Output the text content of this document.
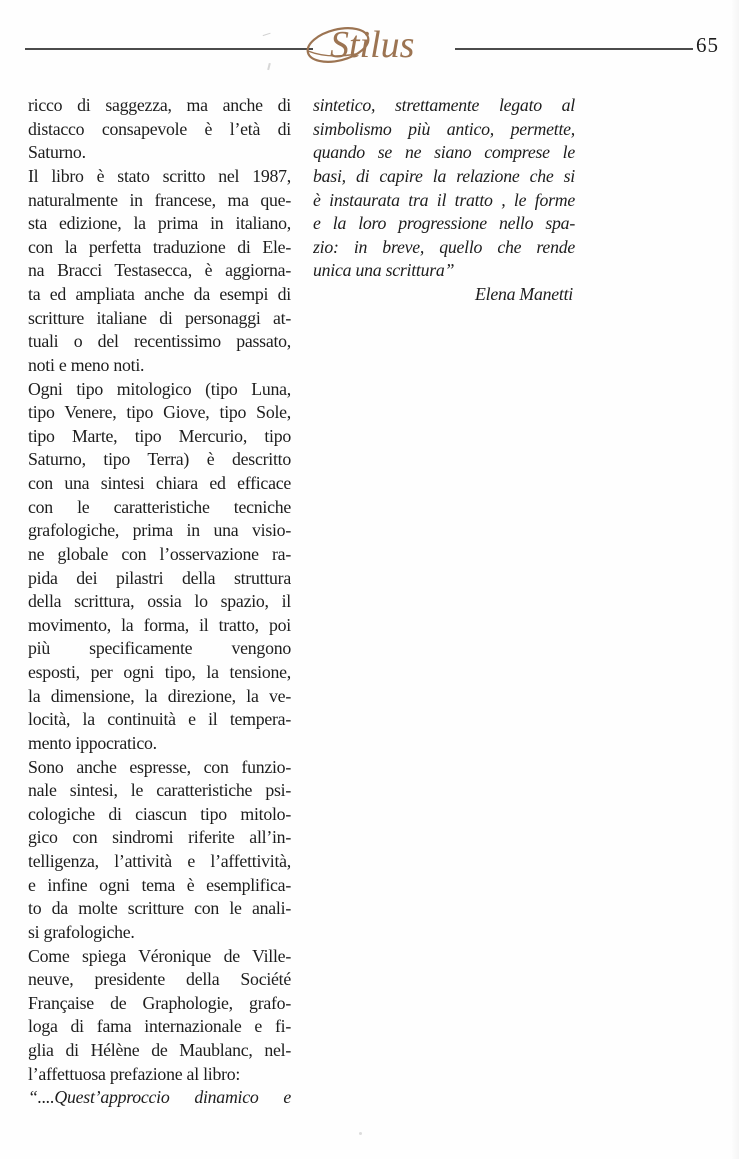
Stilus	65
ricco di saggezza, ma anche di
distacco consapevole è l’età di
Saturno.
Il libro è stato scritto nel 1987,
naturalmente in francese, ma que-
sta edizione, la prima in italiano,
con la perfetta traduzione di Ele-
na Bracci Testasecca, è aggiorna-
ta ed ampliata anche da esempi di
scritture italiane di personaggi at-
tuali o del recentissimo passato,
noti e meno noti.
Ogni tipo mitologico (tipo Luna,
tipo Venere, tipo Giove, tipo Sole,
tipo Marte, tipo Mercurio, tipo
Saturno, tipo Terra) è descritto
con una sintesi chiara ed efficace
con le caratteristiche tecniche
grafologiche, prima in una visio-
ne globale con l’osservazione ra-
pida dei pilastri della struttura
della scrittura, ossia lo spazio, il
movimento, la forma, il tratto, poi
più specificamente vengono
esposti, per ogni tipo, la tensione,
la dimensione, la direzione, la ve-
locità, la continuità e il tempera-
mento ippocratico.
Sono anche espresse, con funzio-
nale sintesi, le caratteristiche psi-
cologiche di ciascun tipo mitolo-
gico con sindromi riferite all’in-
telligenza, l’attività e l’affettività,
e infine ogni tema è esemplifica-
to da molte scritture con le anali-
si grafologiche.
Come spiega Véronique de Ville-
neuve, presidente della Société
Française de Graphologie, grafo-
loga di fama internazionale e fi-
glia di Hélène de Maublanc, nel-
l’affettuosa prefazione al libro:
“....Quest’approccio dinamico e
sintetico, strettamente legato al
simbolismo più antico, permette,
quando se ne siano comprese le
basi, di capire la relazione che si
è instaurata tra il tratto , le forme
e la loro progressione nello spa-
zio: in breve, quello che rende
unica una scrittura”
Elena Manetti
